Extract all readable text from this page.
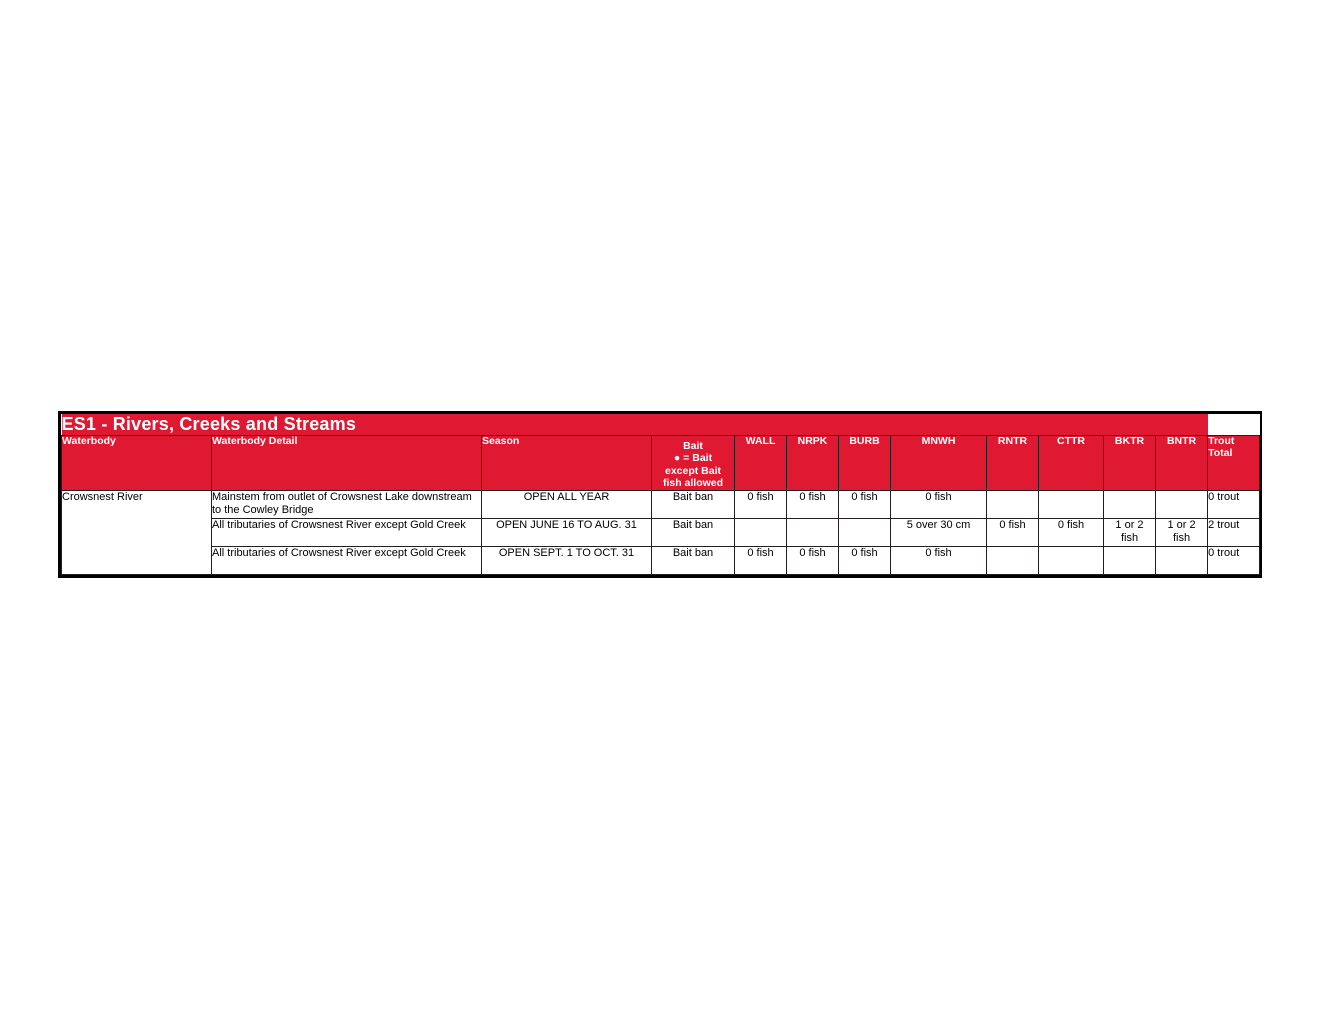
ES1 - Rivers, Creeks and Streams												
Waterbody	Waterbody Detail	Season	Bait
● = Bait
except Bait
fish allowed
	WALL	NRPK	BURB	MNWH	RNTR	CTTR	BKTR	BNTR	Trout
Total
Crowsnest River	Mainstem from outlet of Crowsnest Lake downstream to the Cowley Bridge	OPEN ALL YEAR	Bait ban	0 fish	0 fish	0 fish	0 fish					0 trout
	All tributaries of Crowsnest River except Gold Creek	OPEN JUNE 16 TO AUG. 31	Bait ban				5 over 30 cm	0 fish	0 fish	1 or 2
fish	1 or 2
fish	2 trout
	All tributaries of Crowsnest River except Gold Creek	OPEN SEPT. 1 TO OCT. 31	Bait ban	0 fish	0 fish	0 fish	0 fish					0 trout
